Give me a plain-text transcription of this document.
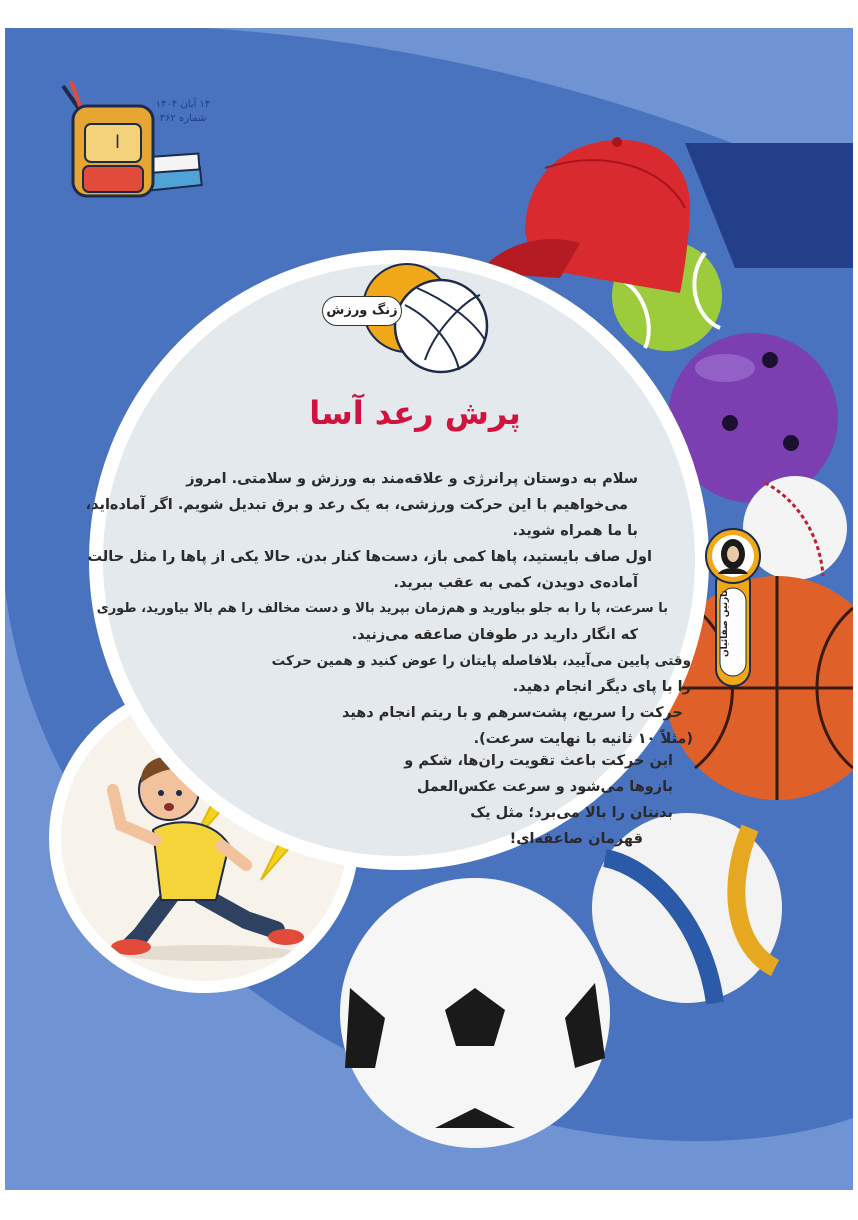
ا
۱۴ آبان ۱۴۰۴
شماره ۳۶۲
زنگ ورزش
پرش رعد آسا
سلام به دوستان پرانرژی و علاقه‌مند به ورزش و سلامتی. امروز
می‌خواهیم با این حرکت ورزشی، به یک رعد و برق تبدیل شویم. اگر آماده‌اید،
با ما همراه شوید.
اول صاف بایستید، پاها کمی باز، دست‌ها کنار بدن. حالا یکی از پاها را مثل حالت
آماده‌ی دویدن، کمی به عقب ببرید.
با سرعت، پا را به جلو بیاورید و هم‌زمان بپرید بالا و دست مخالف را هم بالا بیاورید، طوری
که انگار دارید در طوفان صاعقه می‌زنید.
وقتی پایین می‌آیید، بلافاصله پایتان را عوض کنید و همین حرکت
را با پای دیگر انجام دهید.
حرکت را سریع، پشت‌سرهم و با ریتم انجام دهید
(مثلاً ۱۰ ثانیه با نهایت سرعت).
این حرکت باعث تقویت ران‌ها، شکم و
بازوها می‌شود و سرعت عکس‌العمل
بدنتان را بالا می‌برد؛ مثل یک
قهرمان صاعقه‌ای!
نازنین صفائیان
